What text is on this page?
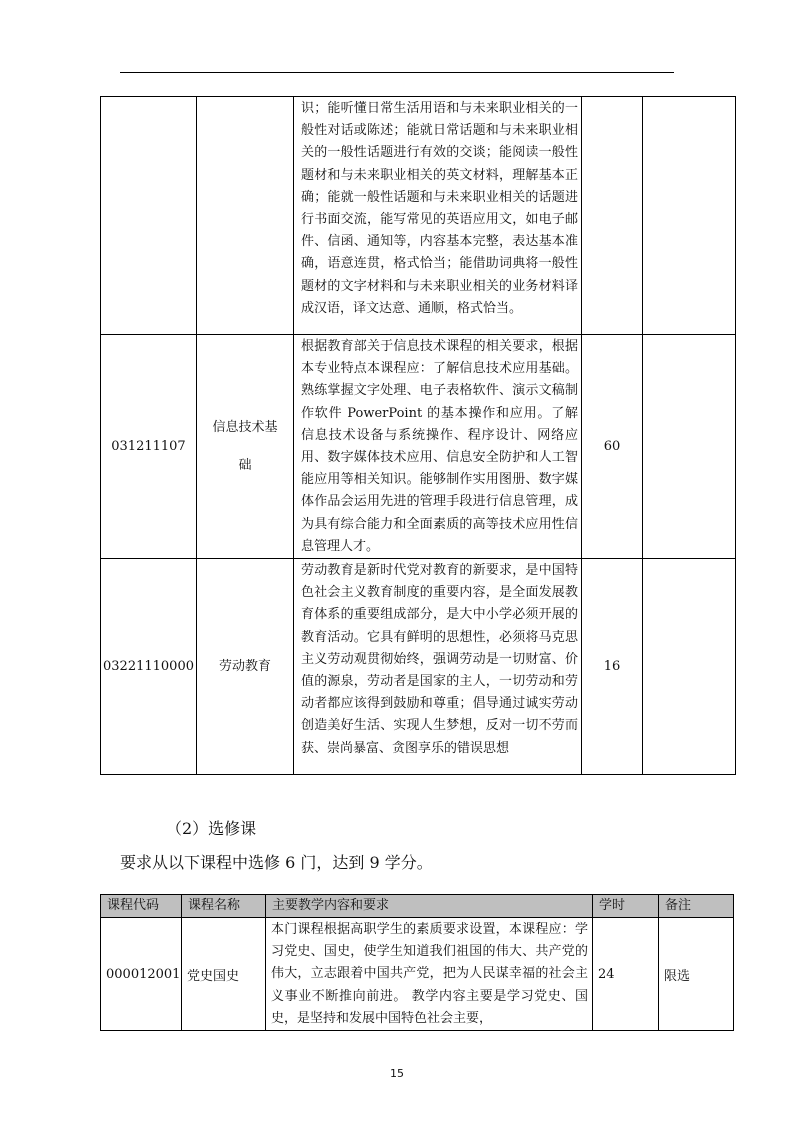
		识；能听懂日常生活用语和与未来职业相关的一般性对话或陈述；能就日常话题和与未来职业相关的一般性话题进行有效的交谈；能阅读一般性题材和与未来职业相关的英文材料，理解基本正确；能就一般性话题和与未来职业相关的话题进行书面交流，能写常见的英语应用文，如电子邮件、信函、通知等，内容基本完整，表达基本准确，语意连贯，格式恰当；能借助词典将一般性题材的文字材料和与未来职业相关的业务材料译成汉语，译文达意、通顺，格式恰当。		
031211107	信息技术基础	根据教育部关于信息技术课程的相关要求，根据本专业特点本课程应：了解信息技术应用基础。熟练掌握文字处理、电子表格软件、演示文稿制作软件 PowerPoint 的基本操作和应用。了解信息技术设备与系统操作、程序设计、网络应用、数字媒体技术应用、信息安全防护和人工智能应用等相关知识。能够制作实用图册、数字媒体作品会运用先进的管理手段进行信息管理，成为具有综合能力和全面素质的高等技术应用性信息管理人才。	60	
03221110000	劳动教育	劳动教育是新时代党对教育的新要求，是中国特色社会主义教育制度的重要内容，是全面发展教育体系的重要组成部分，是大中小学必须开展的教育活动。它具有鲜明的思想性，必须将马克思主义劳动观贯彻始终，强调劳动是一切财富、价值的源泉，劳动者是国家的主人，一切劳动和劳动者都应该得到鼓励和尊重；倡导通过诚实劳动创造美好生活、实现人生梦想，反对一切不劳而获、崇尚暴富、贪图享乐的错误思想	16	
（2）选修课
要求从以下课程中选修 6 门，达到 9 学分。
课程代码	课程名称	主要教学内容和要求	学时	备注
000012001	党史国史	本门课程根据高职学生的素质要求设置，本课程应：学习党史、国史，使学生知道我们祖国的伟大、共产党的伟大，立志跟着中国共产党，把为人民谋幸福的社会主义事业不断推向前进。 教学内容主要是学习党史、国史，是坚持和发展中国特色社会主要，	24	限选
15
